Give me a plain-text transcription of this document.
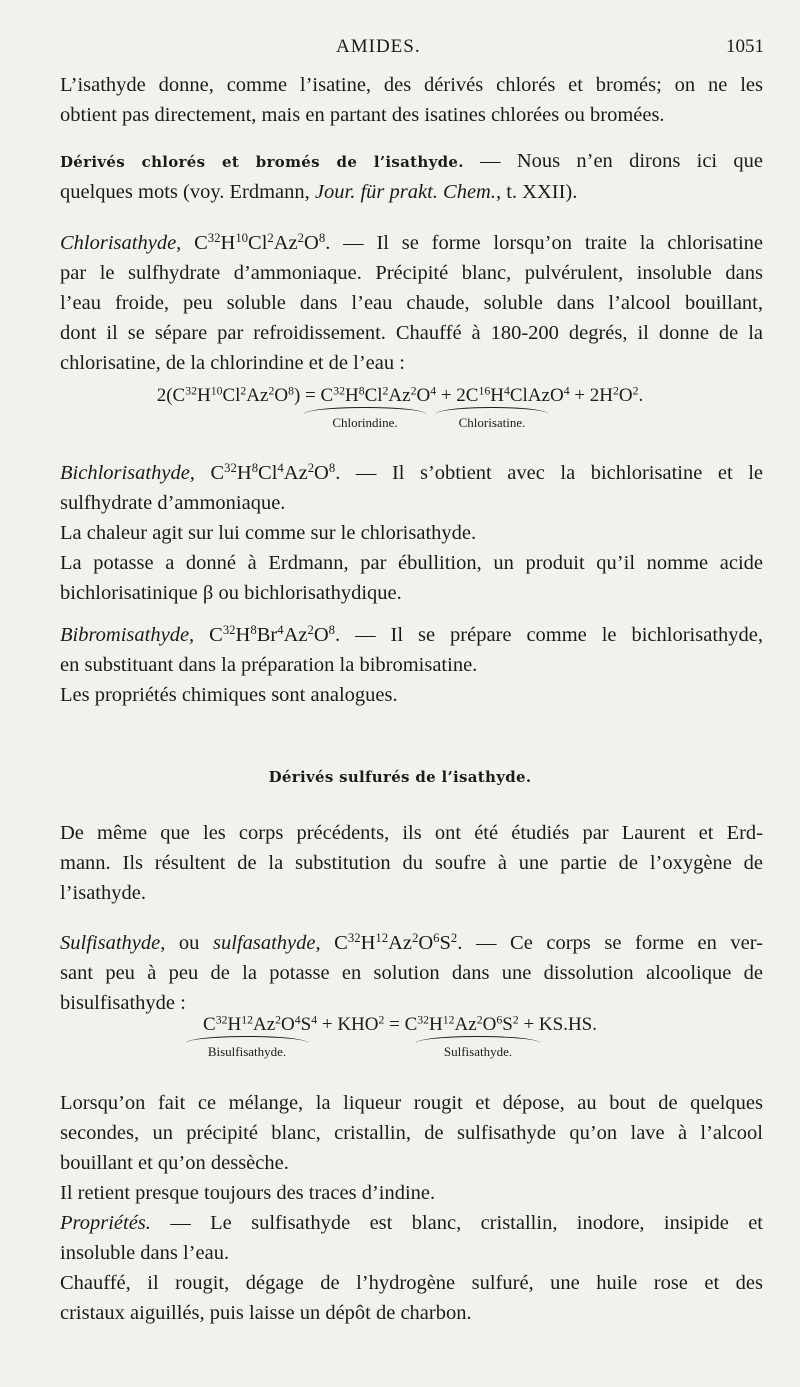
AMIDES.	1051
L’isathyde donne, comme l’isatine, des dérivés chlorés et bromés; on ne les
obtient pas directement, mais en partant des isatines chlorées ou bromées.
Dérivés chlorés et bromés de l’isathyde. — Nous n’en dirons ici que
quelques mots (voy. Erdmann, Jour. für prakt. Chem., t. XXII).
Chlorisathyde, $C^{32}H^{10}Cl^2Az^2O^8$. — Il se forme lorsqu’on traite la chlorisatine
par le sulfhydrate d’ammoniaque. Précipité blanc, pulvérulent, insoluble dans
l’eau froide, peu soluble dans l’eau chaude, soluble dans l’alcool bouillant,
dont il se sépare par refroidissement. Chauffé à 180-200 degrés, il donne de la
chlorisatine, de la chlorindine et de l’eau :
$2(C^{32}H^{10}Cl^2Az^2O^8) = C^{32}H^8Cl^2Az^2O^4$ + $2C^{16}H^4ClAzO^4 + 2H^2O^2$.
Chlorindine.	Chlorisatine.
Bichlorisathyde, $C^{32}H^8Cl^4Az^2O^8$. — Il s’obtient avec la bichlorisatine et le
sulfhydrate d’ammoniaque.
La chaleur agit sur lui comme sur le chlorisathyde.
La potasse a donné à Erdmann, par ébullition, un produit qu’il nomme acide
bichlorisatinique β ou bichlorisathydique.
Bibromisathyde, $C^{32}H^8Br^4Az^2O^8$. — Il se prépare comme le bichlorisathyde,
en substituant dans la préparation la bibromisatine.
Les propriétés chimiques sont analogues.
Dérivés sulfurés de l’isathyde.
De même que les corps précédents, ils ont été étudiés par Laurent et Erd-
mann. Ils résultent de la substitution du soufre à une partie de l’oxygène de
l’isathyde.
Sulfisathyde, ou sulfasathyde, $C^{32}H^{12}Az^2O^6S^2$. — Ce corps se forme en ver-
sant peu à peu de la potasse en solution dans une dissolution alcoolique de
bisulfisathyde :
$C^{32}H^{12}Az^2O^4S^4 + KHO^2 = C^{32}H^{12}Az^2O^6S^2 + KS.HS$.
Bisulfisathyde.	Sulfisathyde.
Lorsqu’on fait ce mélange, la liqueur rougit et dépose, au bout de quelques
secondes, un précipité blanc, cristallin, de sulfisathyde qu’on lave à l’alcool
bouillant et qu’on dessèche.
Il retient presque toujours des traces d’indine.
Propriétés. — Le sulfisathyde est blanc, cristallin, inodore, insipide et
insoluble dans l’eau.
Chauffé, il rougit, dégage de l’hydrogène sulfuré, une huile rose et des
cristaux aiguillés, puis laisse un dépôt de charbon.
